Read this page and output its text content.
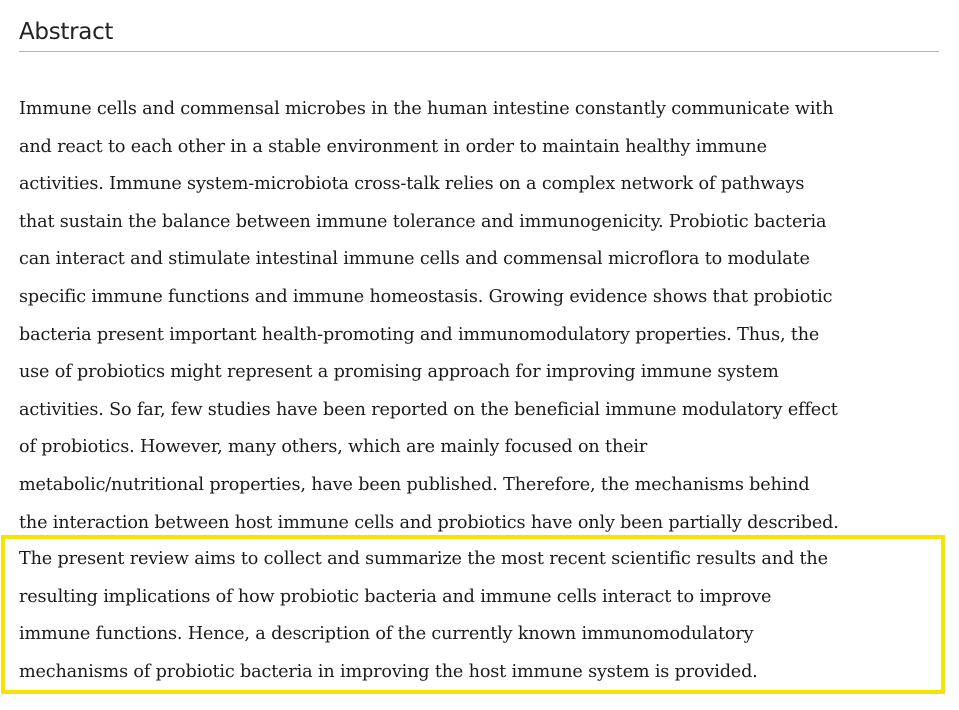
Abstract

Immune cells and commensal microbes in the human intestine constantly communicate with
and react to each other in a stable environment in order to maintain healthy immune
activities. Immune system-microbiota cross-talk relies on a complex network of pathways
that sustain the balance between immune tolerance and immunogenicity. Probiotic bacteria
can interact and stimulate intestinal immune cells and commensal microflora to modulate
specific immune functions and immune homeostasis. Growing evidence shows that probiotic
bacteria present important health-promoting and immunomodulatory properties. Thus, the
use of probiotics might represent a promising approach for improving immune system
activities. So far, few studies have been reported on the beneficial immune modulatory effect
of probiotics. However, many others, which are mainly focused on their
metabolic/nutritional properties, have been published. Therefore, the mechanisms behind
the interaction between host immune cells and probiotics have only been partially described.

The present review aims to collect and summarize the most recent scientific results and the
resulting implications of how probiotic bacteria and immune cells interact to improve
immune functions. Hence, a description of the currently known immunomodulatory
mechanisms of probiotic bacteria in improving the host immune system is provided.
